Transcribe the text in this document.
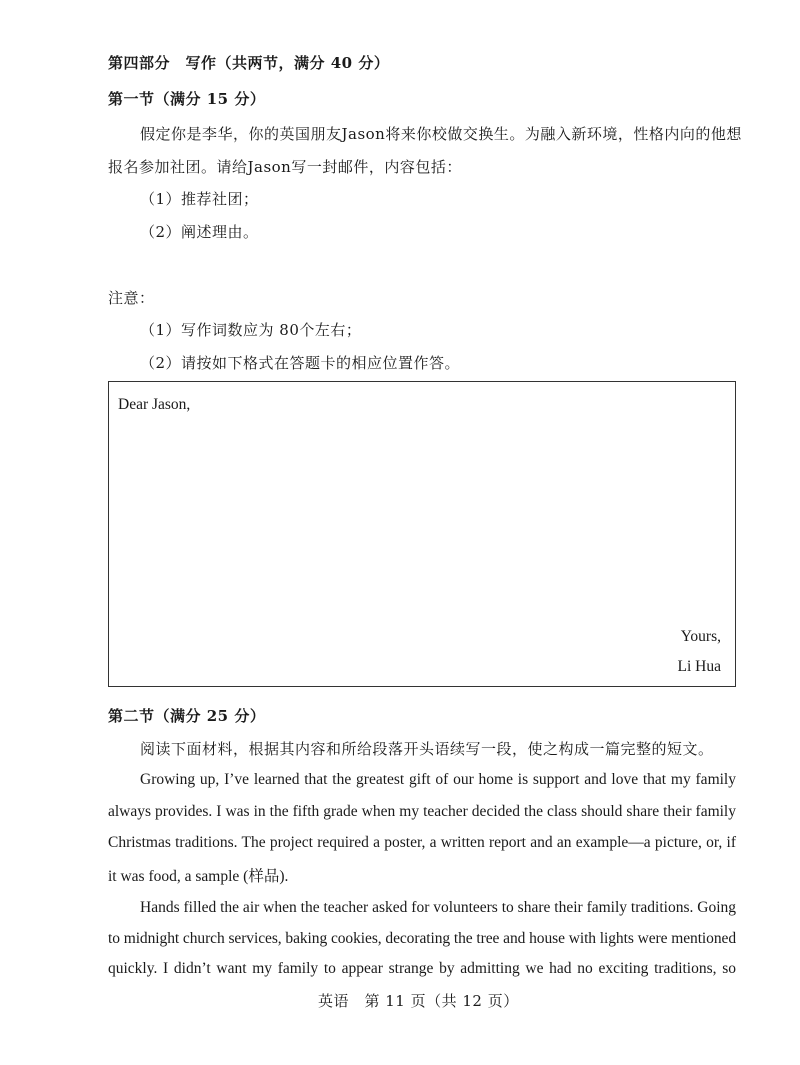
第四部分　写作（共两节，满分 40 分）
第一节（满分 15 分）
假定你是李华，你的英国朋友Jason将来你校做交换生。为融入新环境，性格内向的他想
报名参加社团。请给Jason写一封邮件，内容包括：
（1）推荐社团；
（2）阐述理由。
注意：
（1）写作词数应为 80个左右；
（2）请按如下格式在答题卡的相应位置作答。
Dear Jason,
Yours,
Li Hua
第二节（满分 25 分）
阅读下面材料，根据其内容和所给段落开头语续写一段，使之构成一篇完整的短文。
Growing up, I’ve learned that the greatest gift of our home is support and love that my family
always provides. I was in the fifth grade when my teacher decided the class should share their family
Christmas traditions. The project required a poster, a written report and an example—a picture, or, if
it was food, a sample (样品).
Hands filled the air when the teacher asked for volunteers to share their family traditions. Going
to midnight church services, baking cookies, decorating the tree and house with lights were mentioned
quickly. I didn’t want my family to appear strange by admitting we had no exciting traditions, so
英语　第 11 页（共 12 页）
